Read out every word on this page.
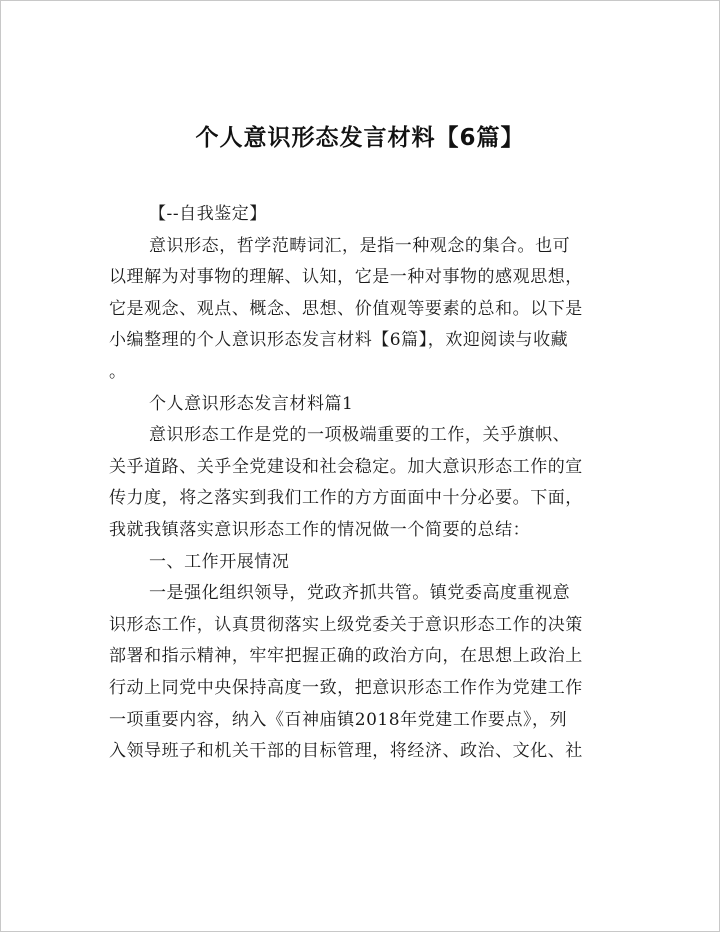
个人意识形态发言材料【6篇】
【--自我鉴定】
意识形态，哲学范畴词汇，是指一种观念的集合。也可
以理解为对事物的理解、认知，它是一种对事物的感观思想，
它是观念、观点、概念、思想、价值观等要素的总和。以下是
小编整理的个人意识形态发言材料【6篇】，欢迎阅读与收藏
。
个人意识形态发言材料篇1
意识形态工作是党的一项极端重要的工作，关乎旗帜、
关乎道路、关乎全党建设和社会稳定。加大意识形态工作的宣
传力度，将之落实到我们工作的方方面面中十分必要。下面，
我就我镇落实意识形态工作的情况做一个简要的总结：
一、工作开展情况
一是强化组织领导，党政齐抓共管。镇党委高度重视意
识形态工作，认真贯彻落实上级党委关于意识形态工作的决策
部署和指示精神，牢牢把握正确的政治方向，在思想上政治上
行动上同党中央保持高度一致，把意识形态工作作为党建工作
一项重要内容，纳入《百神庙镇2018年党建工作要点》，列
入领导班子和机关干部的目标管理，将经济、政治、文化、社
